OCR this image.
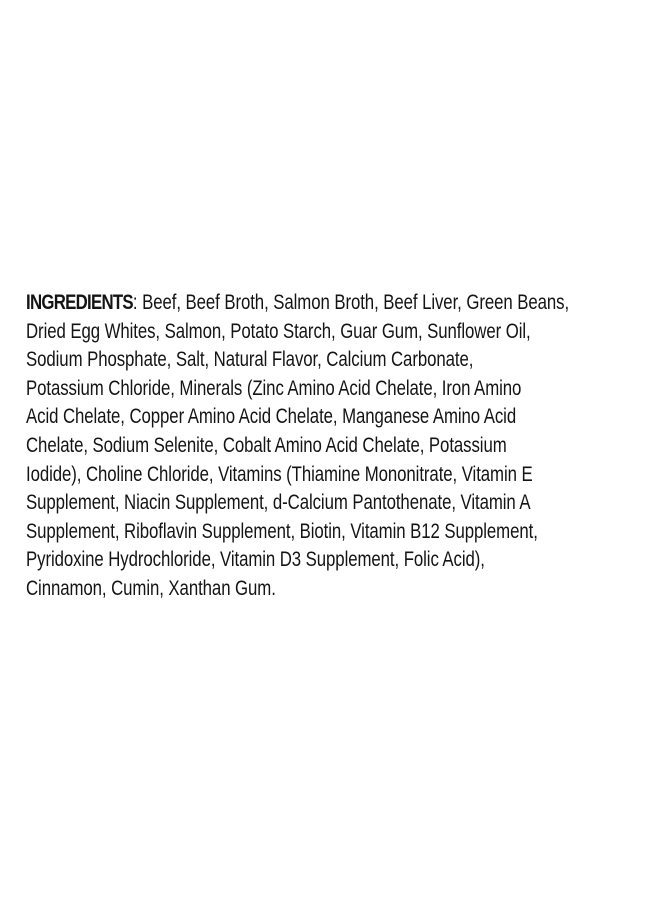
INGREDIENTS: Beef, Beef Broth, Salmon Broth, Beef Liver, Green Beans,
Dried Egg Whites, Salmon, Potato Starch, Guar Gum, Sunflower Oil,
Sodium Phosphate, Salt, Natural Flavor, Calcium Carbonate,
Potassium Chloride, Minerals (Zinc Amino Acid Chelate, Iron Amino
Acid Chelate, Copper Amino Acid Chelate, Manganese Amino Acid
Chelate, Sodium Selenite, Cobalt Amino Acid Chelate, Potassium
Iodide), Choline Chloride, Vitamins (Thiamine Mononitrate, Vitamin E
Supplement, Niacin Supplement, d-Calcium Pantothenate, Vitamin A
Supplement, Riboflavin Supplement, Biotin, Vitamin B12 Supplement,
Pyridoxine Hydrochloride, Vitamin D3 Supplement, Folic Acid),
Cinnamon, Cumin, Xanthan Gum.
